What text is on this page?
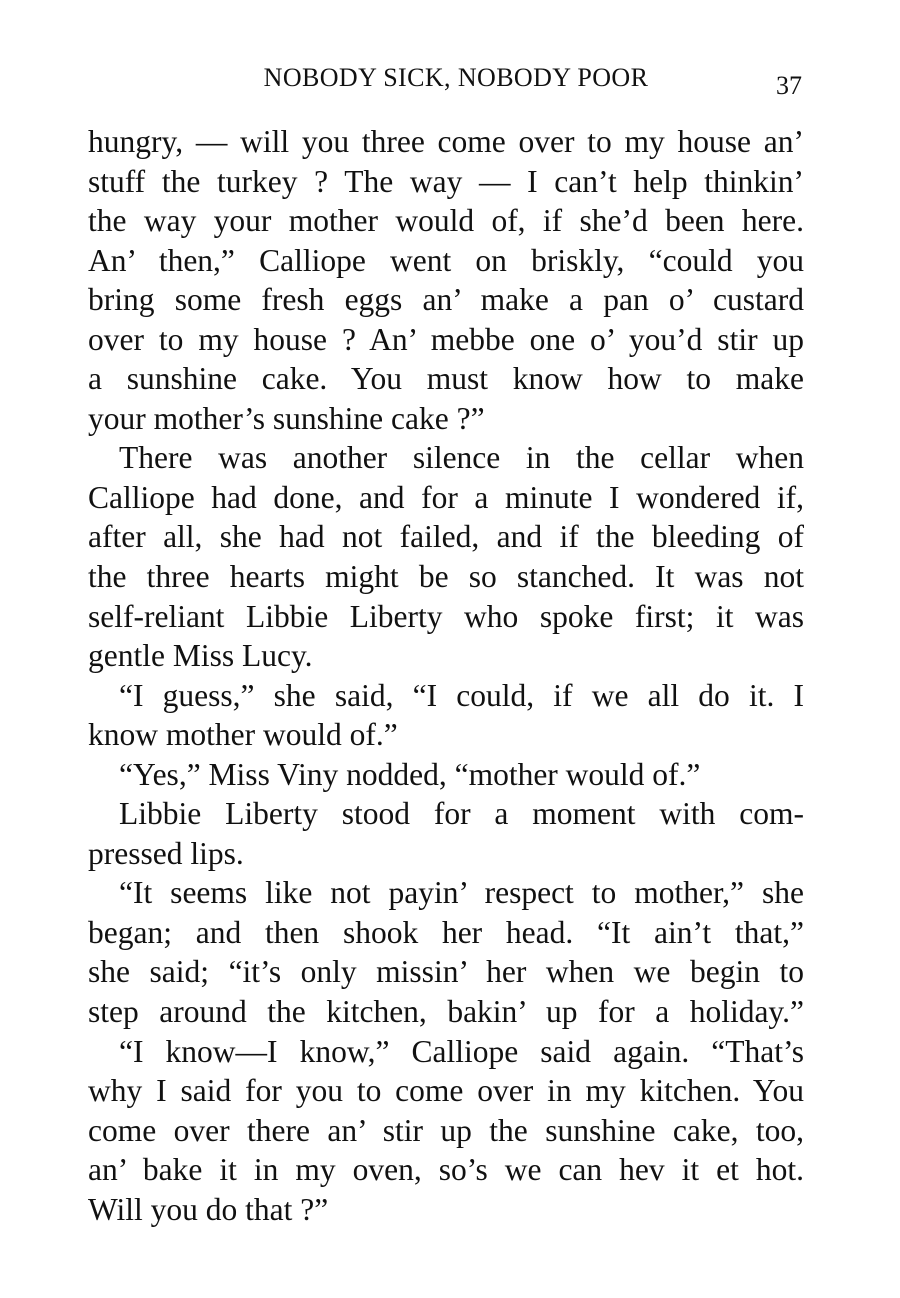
NOBODY SICK, NOBODY POOR	37
hungry, — will you three come over to my house an’
stuff the turkey ? The way — I can’t help thinkin’
the way your mother would of, if she’d been here.
An’ then,” Calliope went on briskly, “could you
bring some fresh eggs an’ make a pan o’ custard
over to my house ? An’ mebbe one o’ you’d stir up
a sunshine cake. You must know how to make
your mother’s sunshine cake ?”
There was another silence in the cellar when
Calliope had done, and for a minute I wondered if,
after all, she had not failed, and if the bleeding of
the three hearts might be so stanched. It was not
self-reliant Libbie Liberty who spoke first; it was
gentle Miss Lucy.
“I guess,” she said, “I could, if we all do it. I
know mother would of.”
“Yes,” Miss Viny nodded, “mother would of.”
Libbie Liberty stood for a moment with com-
pressed lips.
“It seems like not payin’ respect to mother,” she
began; and then shook her head. “It ain’t that,”
she said; “it’s only missin’ her when we begin to
step around the kitchen, bakin’ up for a holiday.”
“I know—I know,” Calliope said again. “That’s
why I said for you to come over in my kitchen. You
come over there an’ stir up the sunshine cake, too,
an’ bake it in my oven, so’s we can hev it et hot.
Will you do that ?”
